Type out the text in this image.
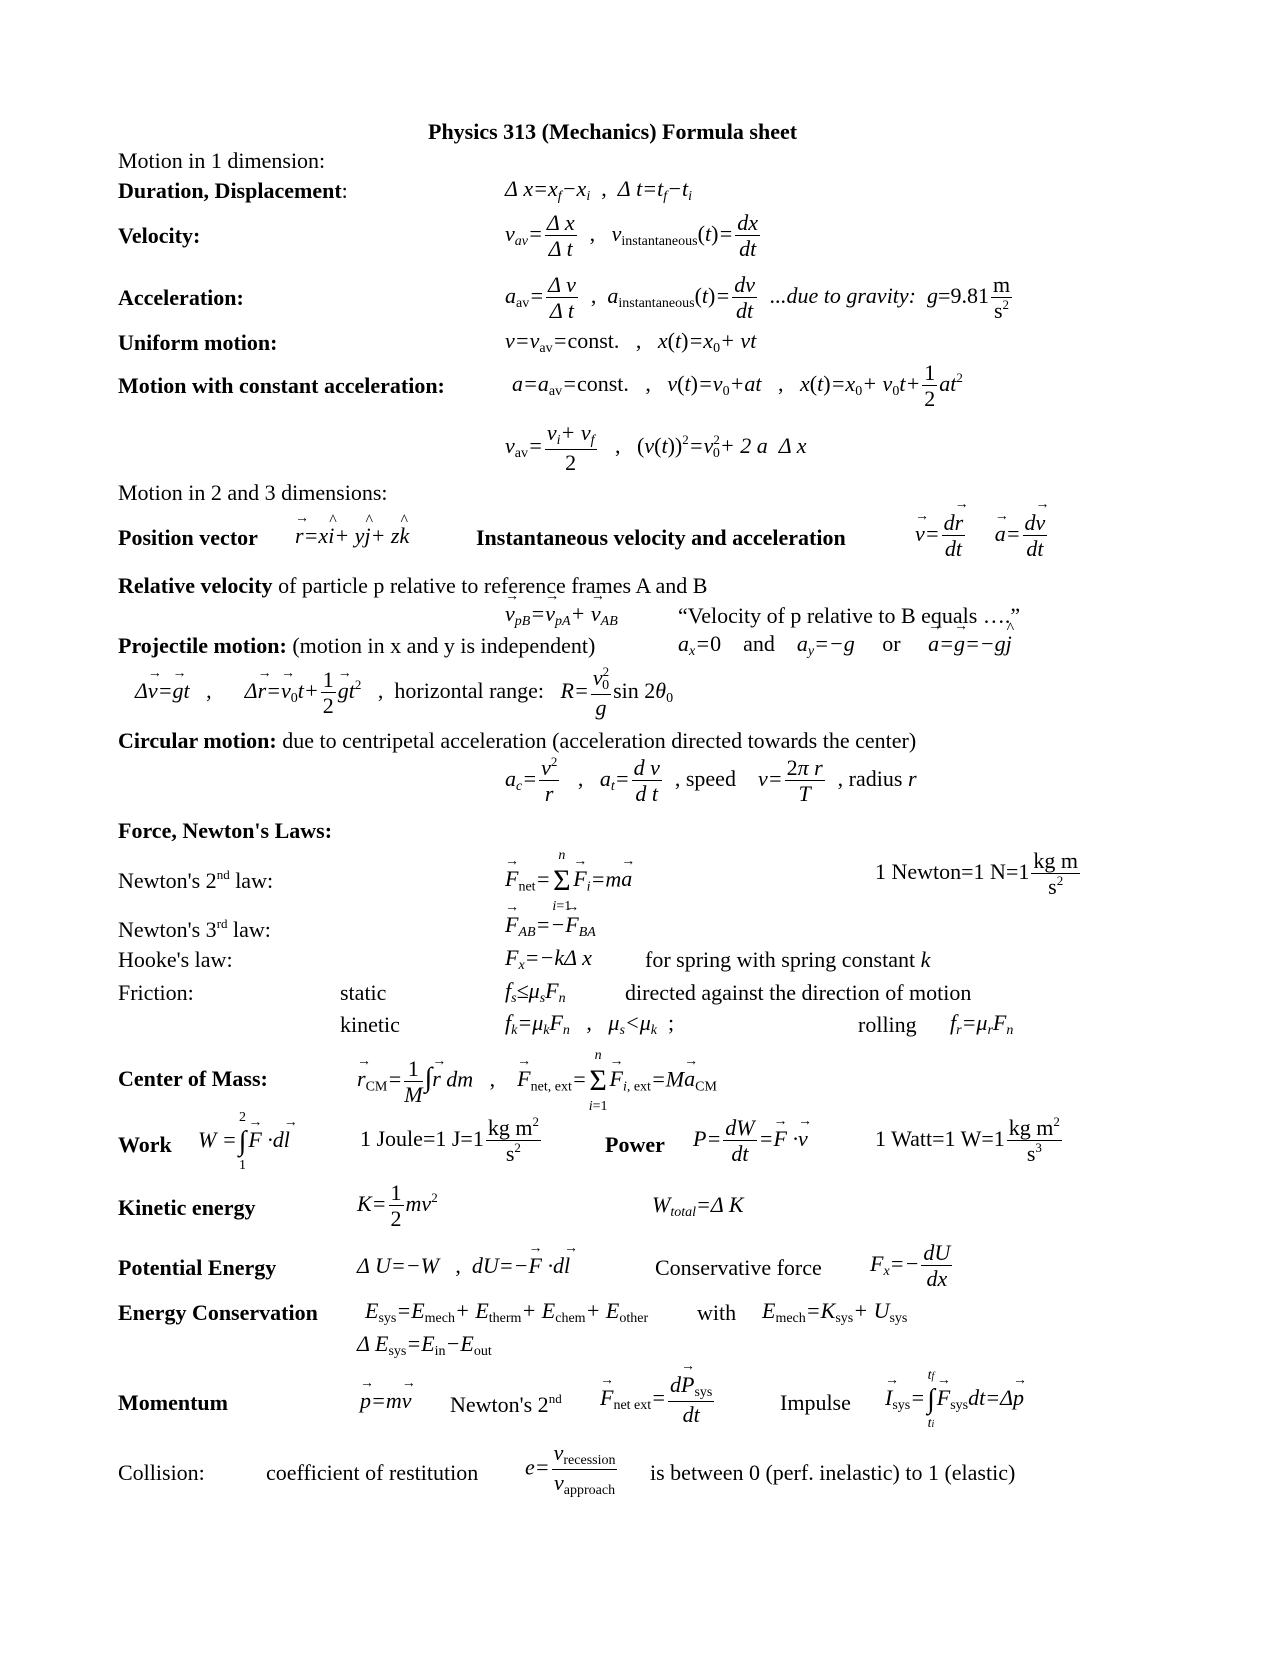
Physics 313 (Mechanics) Formula sheet
Motion in 1 dimension:
Duration, Displacement:	Δ $x=x_f-x_i$ ,  Δ $t=t_f-t_i$
Velocity:	$v_{av}= \frac{\text{Δ x}}{\text{Δ t}}$ ,   $v_{instantaneous}(t)= \frac{dx}{dt}$
Acceleration:	$a_{av}= \frac{\text{Δ v}}{\text{Δ t}}$ ,  $a_{instantaneous}(t)= \frac{dv}{dt} ...due$ to gravity:  $g=9.81 \frac{m}{s^2}$
Uniform motion:	$v=v_{av}=const$. ,   $x(t)=x_0+$ vt
Motion with constant acceleration:	$a=a_{av}=const$. ,   $v(t)=v_0+at$   ,   $x(t)=x_0+ v_0t+ \frac{1}{2} at^2$
$v_{av}= \frac{v_i+ v_f}{2}$ , $(v(t))^2=v^2_0+ 2$ a  Δ x
Motion in 2 and 3 dimensions:
Position vector
→ r=x^ i+ y^ j+ z^ k	Instantaneous velocity and acceleration
→	$v= \frac{d\to r}{dt}$
→ $a= \frac{d\to v}{dt}$
Relative velocity of particle p relative to reference frames A and B
→ $v_{pB}=\to v_{pA}+ \to v_{AB}$	“Velocity of p relative to B equals ….”
Projectile motion: (motion in x and y is independent)	$a_x=0$ and    $a_y=-g$     or     → a=→ g=−g^ j
Δ→ v=→ gt   ,      $\Delta\to r=\to v_0t+ \frac{1}{2}$
→ $gt^2$ , horizontal range:   $R= \frac{v^2_0}{g}$ $\sin 2\theta_0$
Circular motion: due to centripetal acceleration (acceleration directed towards the center)
$a_c= \frac{v^2}{r}$ ,   $a_t= \frac{\text{d v}}{\text{d t}}$ , speed    $v= \frac{\text{2π r}}{T}$ , radius r
Force, Newton's Laws:
Newton's 2nd law:
→	$F_{net}=$
n
Σ
i=1
→ $F_i=m\to a$	1 Newton=1 $N=1 \frac{\text{kg m}}{s^2}$
Newton's 3rd law:
→	$F_{AB}=-\to F_{BA}$
Hooke's law:	$F_x=-k\Delta$ x for spring with spring constant k
Friction:	static	$f_s\le\mu_sF_n$	directed against the direction of motion
kinetic	$f_k=\mu_kF_n$ ,   $\mu_s<\mu_k$ ;	rolling $f_r=\mu_rF_n$
Center of Mass:
→	$r_{CM}= \frac{1}{M}$ ∫→ r dm   ,    → $F_{net, ext}=$
n
Σ
i=1
→ $F_{i, ext}=M\to a_{CM}$
Work W =
2
∫
1
→ F ·d→ l	1 Joule=1 $J=1 \frac{kg m^2}{s^2}$	Power $P= \frac{dW}{dt} =\to F \cdot\to v$	1 Watt=1 $W=1 \frac{kg m^2}{s^3}$
Kinetic energy	$K= \frac{1}{2} mv^2$	$W_{total}=\Delta$ K
Potential Energy	Δ U=−W   ,  dU=−→ F ·d→ l	Conservative force $F_x=- \frac{dU}{dx}$
Energy Conservation $E_{sys}=E_{mech}+ E_{therm}+ E_{chem}+ E_{other}$ with $E_{mech}=K_{sys}+ U_{sys}$
Δ $E_{sys}=E_{in}-E_{out}$
Momentum
→	p=m→ v Newton's 2nd
→ $F_{net ext}= \frac{d\to P_{sys}}{dt}$	Impulse
→ $I_{sys}=$
tf
∫
ti
→ $F_{sys}dt=\Delta\to p$
Collision:	coefficient of restitution $e= \frac{v_{recession}}{v_{approach}}$ is between 0 (perf. inelastic) to 1 (elastic)
